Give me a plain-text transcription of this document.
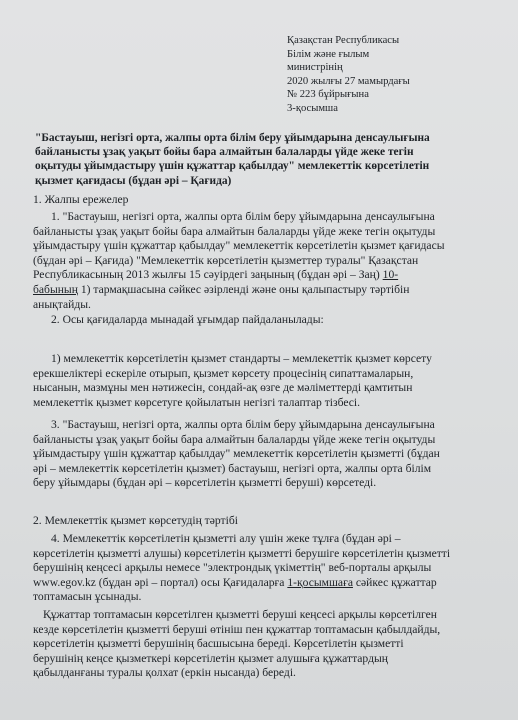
Қазақстан Республикасы
Білім және ғылым
министрінің
2020 жылғы 27 мамырдағы
№ 223 бұйрығына
3-қосымша
"Бастауыш, негізгі орта, жалпы орта білім беру ұйымдарына денсаулығына
байланысты ұзақ уақыт бойы бара алмайтын балаларды үйде жеке тегін
оқытуды ұйымдастыру үшін құжаттар қабылдау" мемлекеттік көрсетілетін
қызмет қағидасы (бұдан әрі – Қағида)
1. Жалпы ережелер
1. "Бастауыш, негізгі орта, жалпы орта білім беру ұйымдарына денсаулығына
байланысты ұзақ уақыт бойы бара алмайтын балаларды үйде жеке тегін оқытуды
ұйымдастыру үшін құжаттар қабылдау" мемлекеттік көрсетілетін қызмет қағидасы
(бұдан әрі – Қағида) "Мемлекеттік көрсетілетін қызметтер туралы" Қазақстан
Республикасының 2013 жылғы 15 сәуірдегі заңының (бұдан әрі – Заң) 10-
бабының 1) тармақшасына сәйкес әзірленді және оны қалыпастыру тәртібін
анықтайды.
2. Осы қағидаларда мынадай ұғымдар пайдаланылады:
1) мемлекеттік көрсетілетін қызмет стандарты – мемлекеттік қызмет көрсету
ерекшеліктері ескеріле отырып, қызмет көрсету процесінің сипаттамаларын,
нысанын, мазмұны мен нәтижесін, сондай-ақ өзге де мәліметтерді қамтитын
мемлекеттік қызмет көрсетуге қойылатын негізгі талаптар тізбесі.
3. "Бастауыш, негізгі орта, жалпы орта білім беру ұйымдарына денсаулығына
байланысты ұзақ уақыт бойы бара алмайтын балаларды үйде жеке тегін оқытуды
ұйымдастыру үшін құжаттар қабылдау" мемлекеттік көрсетілетін қызметті (бұдан
әрі – мемлекеттік көрсетілетін қызмет) бастауыш, негізгі орта, жалпы орта білім
беру ұйымдары (бұдан әрі – көрсетілетін қызметті беруші) көрсетеді.
2. Мемлекеттік қызмет көрсетудің тәртібі
4. Мемлекеттік көрсетілетін қызметті алу үшін жеке тұлға (бұдан әрі –
көрсетілетін қызметті алушы) көрсетілетін қызметті берушіге көрсетілетін қызметті
берушінің кеңсесі арқылы немесе "электрондық үкіметтің" веб-порталы арқылы
www.egov.kz (бұдан әрі – портал) осы Қағидаларға 1-қосымшаға сәйкес құжаттар
топтамасын ұсынады.
Құжаттар топтамасын көрсетілген қызметті беруші кеңсесі арқылы көрсетілген
кезде көрсетілетін қызметті беруші өтініш пен құжаттар топтамасын қабылдайды,
көрсетілетін қызметті берушінің басшысына береді. Көрсетілетін қызметті
берушінің кеңсе қызметкері көрсетілетін қызмет алушыға құжаттардың
қабылданғаны туралы қолхат (еркін нысанда) береді.
